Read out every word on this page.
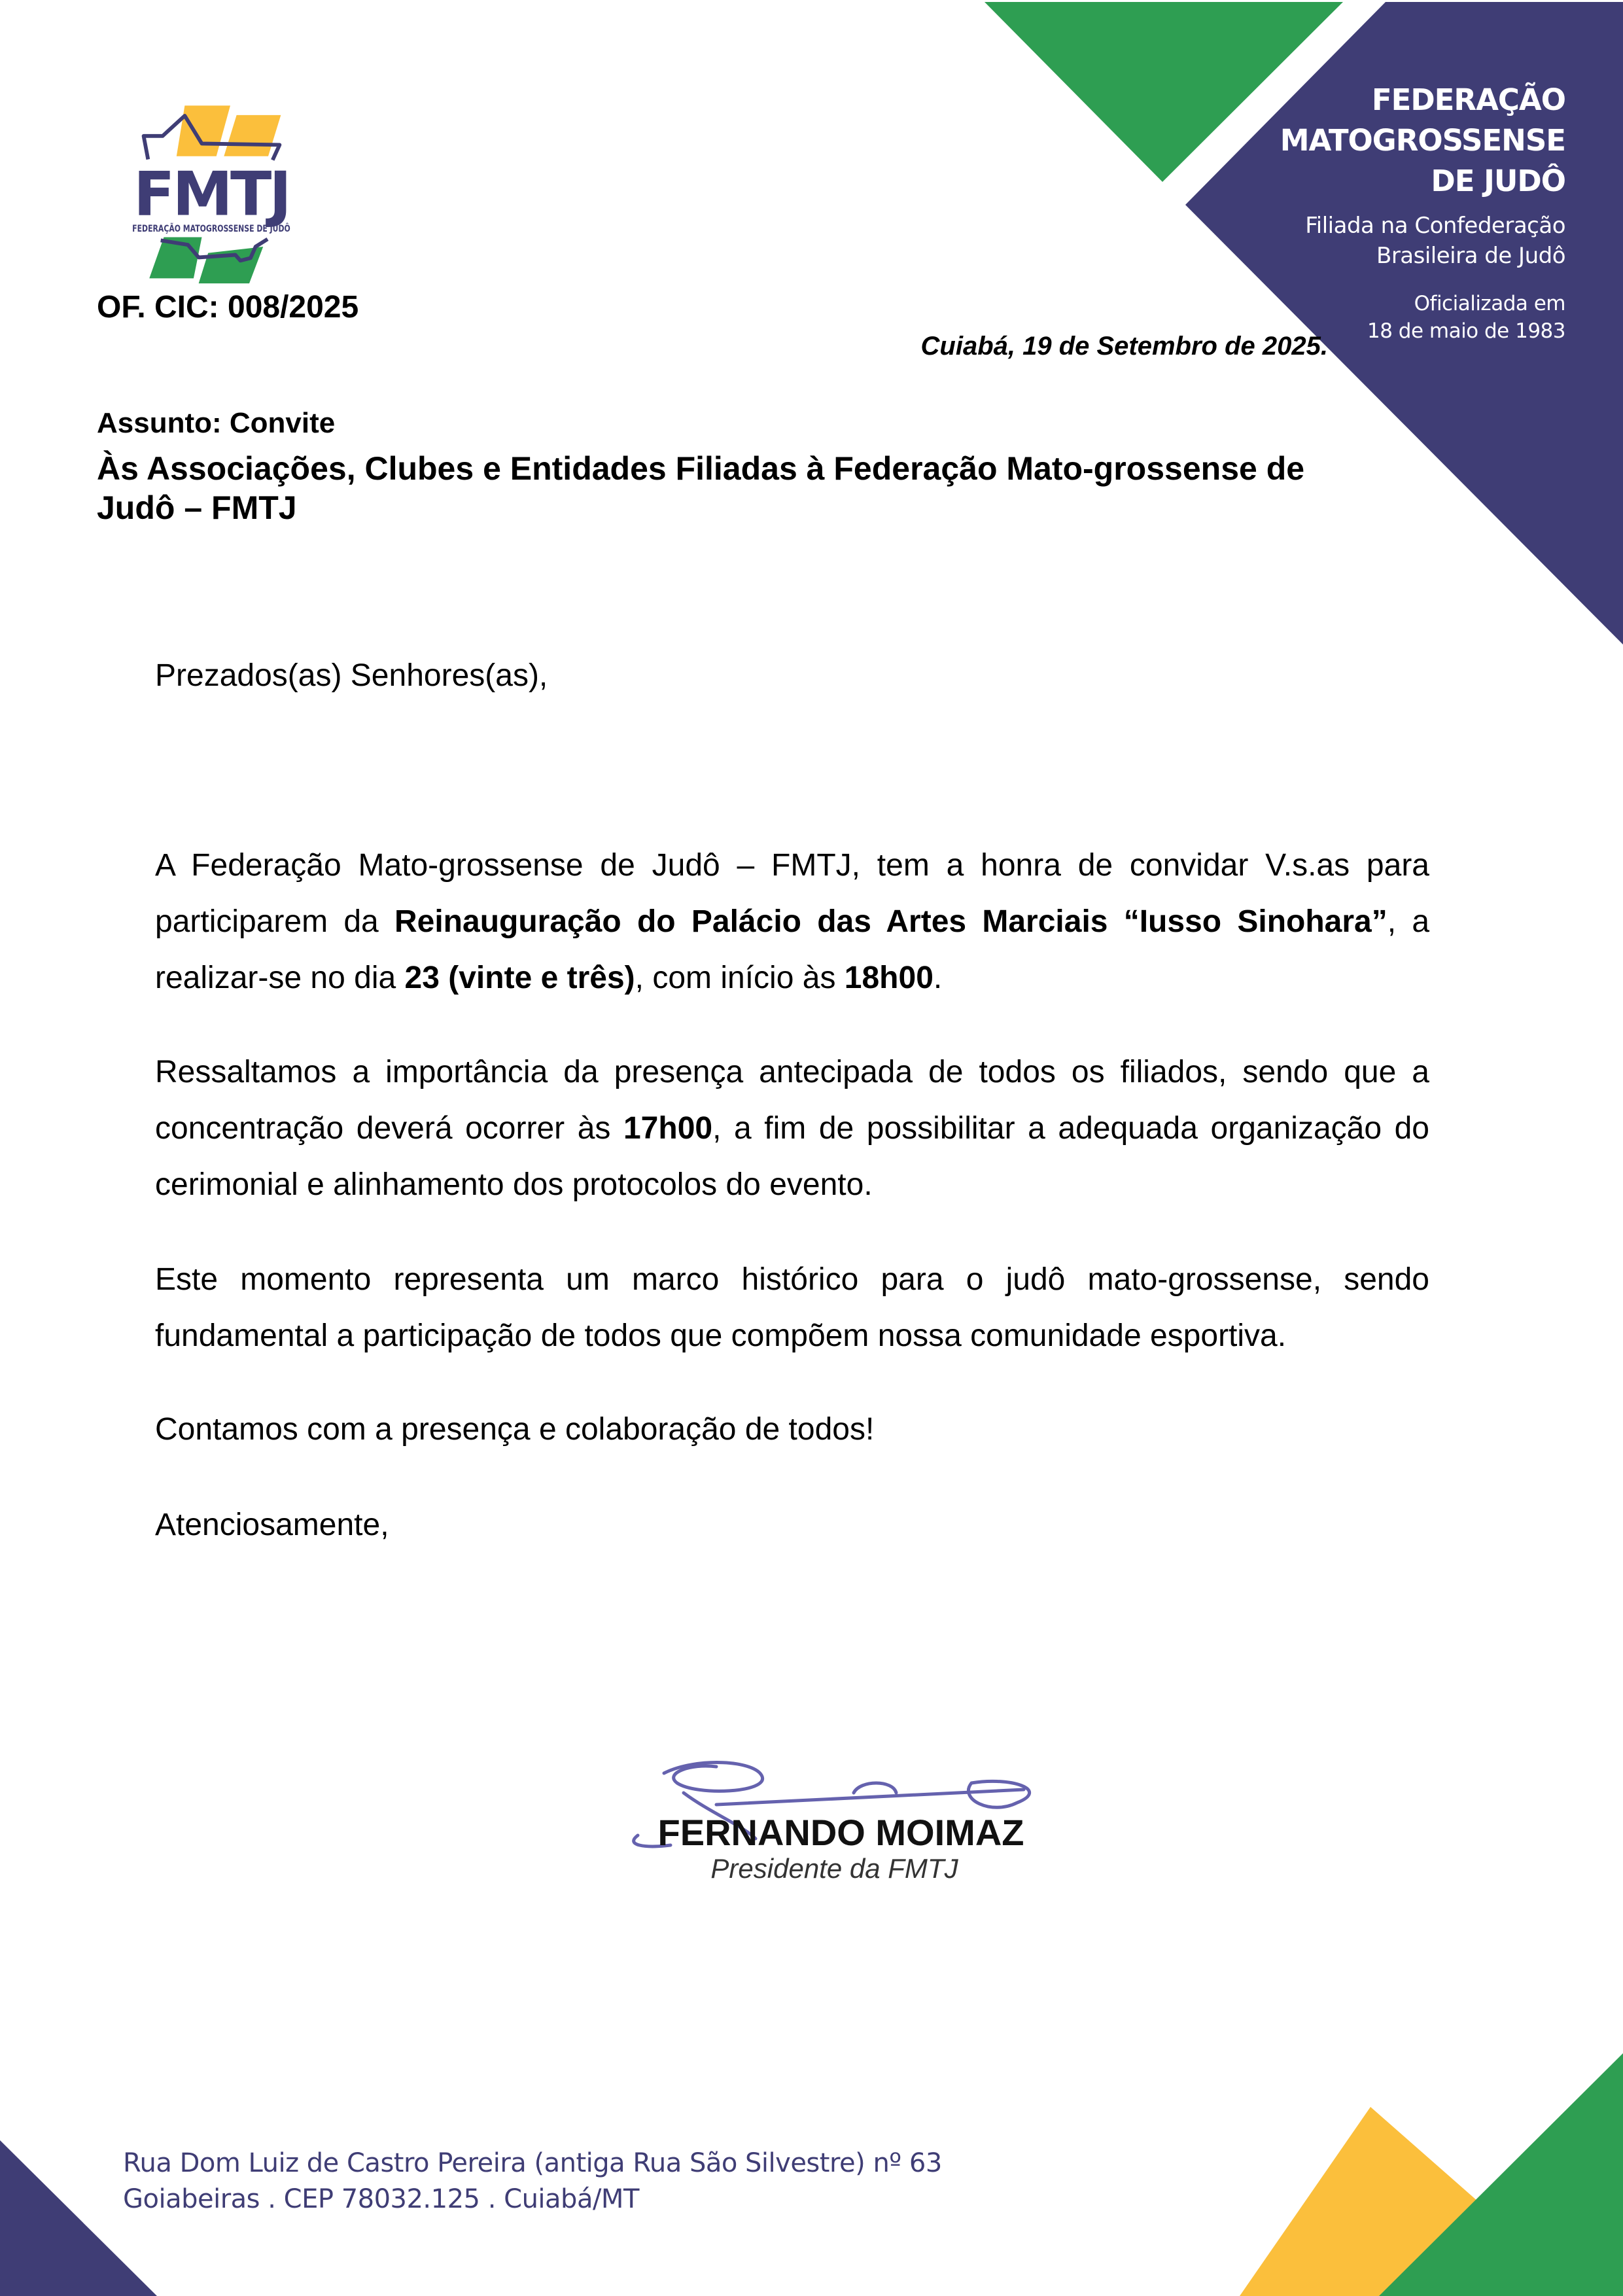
FMTJ
FEDERAÇÃO MATOGROSSENSE D
FEDERAÇÃO
MATOGROSSENSE
DE JUDÔ
Filiada na Confederação
Brasileira de Judô
Oficializada em
18 de maio de 1983
OF. CIC: 008/2025
Cuiabá, 19 de Setembro de 2025.
Assunto: Convite
Às Associações, Clubes e Entidades Filiadas à Federação Mato-grossense de Judô – FMTJ
Prezados(as) Senhores(as),
A Federação Mato-grossense de Judô – FMTJ, tem a honra de convidar V.s.as para participarem da Reinauguração do Palácio das Artes Marciais “Iusso Sinohara”, a realizar-se no dia 23 (vinte e três), com início às 18h00.
Ressaltamos a importância da presença antecipada de todos os filiados, sendo que a concentração deverá ocorrer às 17h00, a fim de possibilitar a adequada organização do cerimonial e alinhamento dos protocolos do evento.
Este momento representa um marco histórico para o judô mato-grossense, sendo fundamental a participação de todos que compõem nossa comunidade esportiva.
Contamos com a presença e colaboração de todos!
Atenciosamente,
FERNANDO MOIMAZ
Presidente da FMTJ
Rua Dom Luiz de Castro Pereira (antiga Rua São Silvestre) nº 63
Goiabeiras . CEP 78032.125 . Cuiabá/MT
